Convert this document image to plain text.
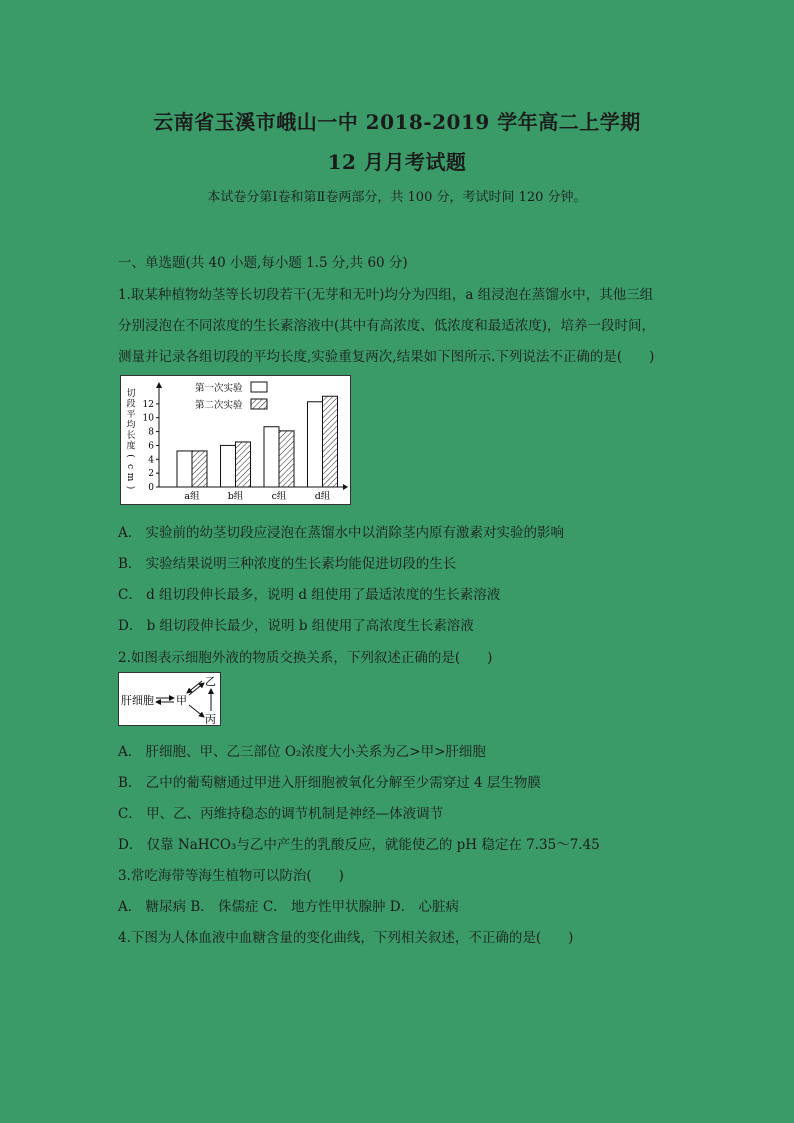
云南省玉溪市峨山一中 2018-2019 学年高二上学期
12 月月考试题
本试卷分第Ⅰ卷和第Ⅱ卷两部分，共 100 分，考试时间 120 分钟。
一、单选题(共 40 小题,每小题 1.5 分,共 60 分)
1.取某种植物幼茎等长切段若干(无芽和无叶)均分为四组，a 组浸泡在蒸馏水中，其他三组
分别浸泡在不同浓度的生长素溶液中(其中有高浓度、低浓度和最适浓度)，培养一段时间，
测量并记录各组切段的平均长度,实验重复两次,结果如下图所示.下列说法不正确的是(　　)
切
段
平
均
长
度
(
c
m
) 0
2
4
6
8
10
12
a组	b组	c组	d组
第一次实验
第二次实验
A． 实验前的幼茎切段应浸泡在蒸馏水中以消除茎内原有激素对实验的影响
B． 实验结果说明三种浓度的生长素均能促进切段的生长
C． d 组切段伸长最多，说明 d 组使用了最适浓度的生长素溶液
D． b 组切段伸长最少，说明 b 组使用了高浓度生长素溶液
2.如图表示细胞外液的物质交换关系，下列叙述正确的是(　　)
肝细胞 甲
乙
丙
A． 肝细胞、甲、乙三部位 O₂浓度大小关系为乙>甲>肝细胞
B． 乙中的葡萄糖通过甲进入肝细胞被氧化分解至少需穿过 4 层生物膜
C． 甲、乙、丙维持稳态的调节机制是神经—体液调节
D． 仅靠 NaHCO₃与乙中产生的乳酸反应，就能使乙的 pH 稳定在 7.35～7.45
3.常吃海带等海生植物可以防治(　　)
A． 糖尿病 B． 侏儒症 C． 地方性甲状腺肿 D． 心脏病
4.下图为人体血液中血糖含量的变化曲线，下列相关叙述，不正确的是(　　)
